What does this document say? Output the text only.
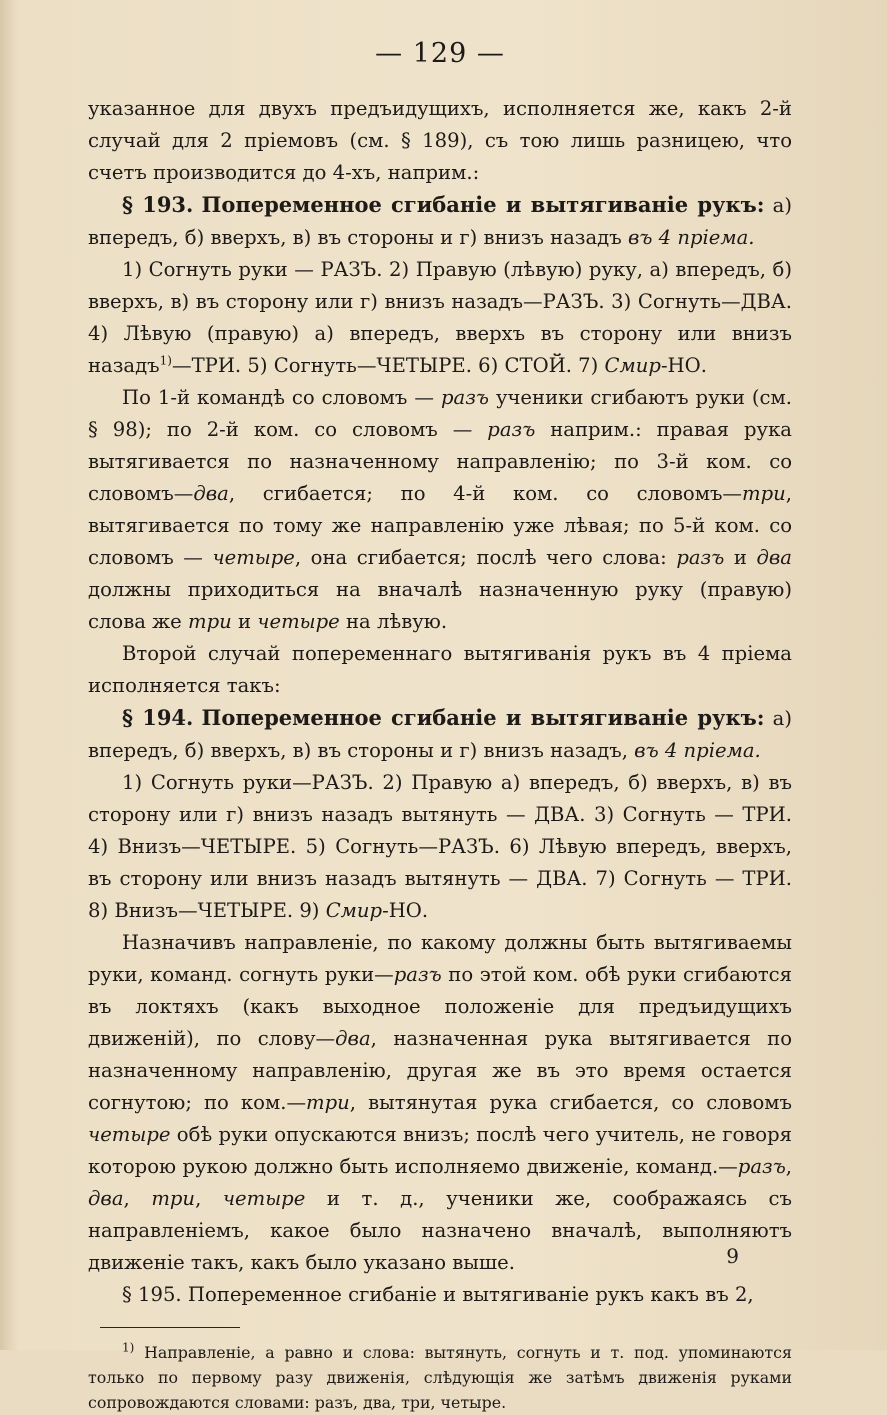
— 129 —

указанное для двухъ предъидущихъ, исполняется же, какъ 2-й случай для 2 пріемовъ (см. § 189), съ тою лишь разницею, что счетъ производится до 4-хъ, наприм.:

§ 193. Попеременное сгибаніе и вытягиваніе рукъ: а) впередъ, б) вверхъ, в) въ стороны и г) внизъ назадъ въ 4 пріема.

1) Согнуть руки — РАЗЪ. 2) Правую (лѣвую) руку, а) впередъ, б) вверхъ, в) въ сторону или г) внизъ назадъ—РАЗЪ. 3) Согнуть—ДВА. 4) Лѣвую (правую) а) впередъ, вверхъ въ сторону или внизъ назадъ$^{1)}$—ТРИ. 5) Согнуть—ЧЕТЫРЕ. 6) СТОЙ. 7) Смир-НО.

По 1-й командѣ со словомъ — разъ ученики сгибаютъ руки (см. § 98); по 2-й ком. со словомъ — разъ наприм.: правая рука вытягивается по назначенному направленію; по 3-й ком. со словомъ—два, сгибается; по 4-й ком. со словомъ—три, вытягивается по тому же направленію уже лѣвая; по 5-й ком. со словомъ — четыре, она сгибается; послѣ чего слова: разъ и два должны приходиться на вначалѣ назначенную руку (правую) слова же три и четыре на лѣвую.

Второй случай попеременнаго вытягиванія рукъ въ 4 пріема исполняется такъ:

§ 194. Попеременное сгибаніе и вытягиваніе рукъ: а) впередъ, б) вверхъ, в) въ стороны и г) внизъ назадъ, въ 4 пріема.

1) Согнуть руки—РАЗЪ. 2) Правую а) впередъ, б) вверхъ, в) въ сторону или г) внизъ назадъ вытянуть — ДВА. 3) Согнуть — ТРИ. 4) Внизъ—ЧЕТЫРЕ. 5) Согнуть—РАЗЪ. 6) Лѣвую впередъ, вверхъ, въ сторону или внизъ назадъ вытянуть — ДВА. 7) Согнуть — ТРИ. 8) Внизъ—ЧЕТЫРЕ. 9) Смир-НО.

Назначивъ направленіе, по какому должны быть вытягиваемы руки, команд. согнуть руки—разъ по этой ком. обѣ руки сгибаются въ локтяхъ (какъ выходное положеніе для предъидущихъ движеній), по слову—два, назначенная рука вытягивается по назначенному направленію, другая же въ это время остается согнутою; по ком.—три, вытянутая рука сгибается, со словомъ четыре обѣ руки опускаются внизъ; послѣ чего учитель, не говоря которою рукою должно быть исполняемо движеніе, команд.—разъ, два, три, четыре и т. д., ученики же, соображаясь съ направленіемъ, какое было назначено вначалѣ, выполняютъ движеніе такъ, какъ было указано выше.

§ 195. Попеременное сгибаніе и вытягиваніе рукъ какъ въ 2,

$^{1)}$ Направленіе, а равно и слова: вытянуть, согнуть и т. под. упоминаются только по первому разу движенія, слѣдующія же затѣмъ движенія руками сопровождаются словами: разъ, два, три, четыре.

9
